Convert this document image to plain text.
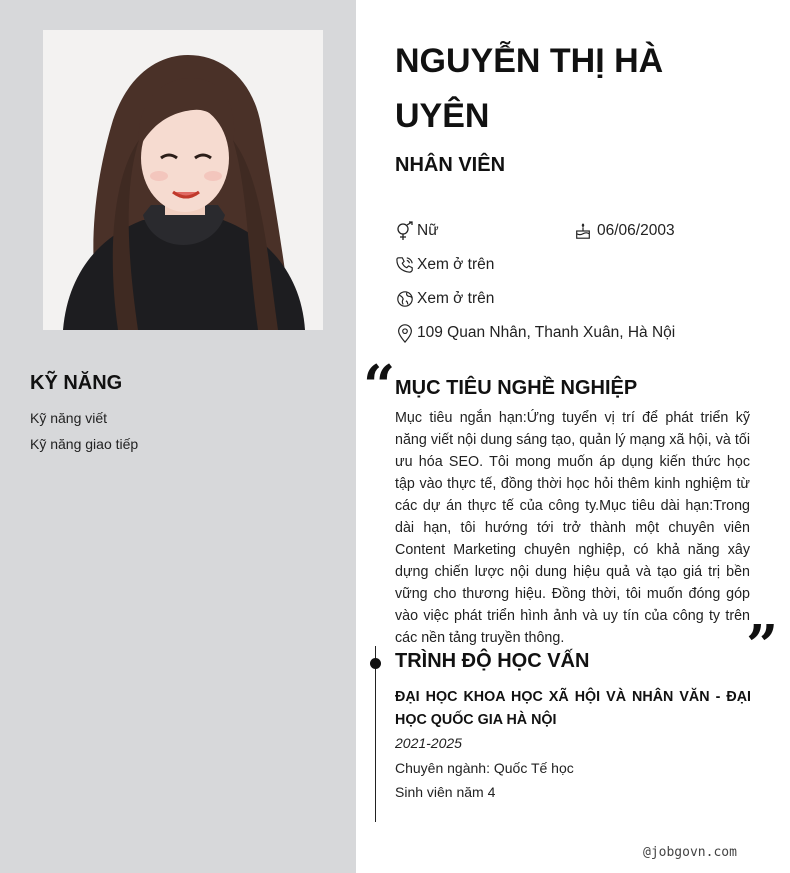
KỸ NĂNG
Kỹ năng viết
Kỹ năng giao tiếp
NGUYỄN THỊ HÀ UYÊN
NHÂN VIÊN
Nữ	06/06/2003
Xem ở trên
Xem ở trên
109 Quan Nhân, Thanh Xuân, Hà Nội
“ MỤC TIÊU NGHỀ NGHIỆP
Mục tiêu ngắn hạn:Ứng tuyển vị trí để phát triển kỹ năng viết nội dung sáng tạo, quản lý mạng xã hội, và tối ưu hóa SEO. Tôi mong muốn áp dụng kiến thức học tập vào thực tế, đồng thời học hỏi thêm kinh nghiệm từ các dự án thực tế của công ty.Mục tiêu dài hạn:Trong dài hạn, tôi hướng tới trở thành một chuyên viên Content Marketing chuyên nghiệp, có khả năng xây dựng chiến lược nội dung hiệu quả và tạo giá trị bền vững cho thương hiệu. Đồng thời, tôi muốn đóng góp vào việc phát triển hình ảnh và uy tín của công ty trên các nền tảng truyền thông.	”
TRÌNH ĐỘ HỌC VẤN
ĐẠI HỌC KHOA HỌC XÃ HỘI VÀ NHÂN VĂN - ĐẠI HỌC QUỐC GIA HÀ NỘI
2021-2025
Chuyên ngành: Quốc Tế học
Sinh viên năm 4
@jobgovn.com
